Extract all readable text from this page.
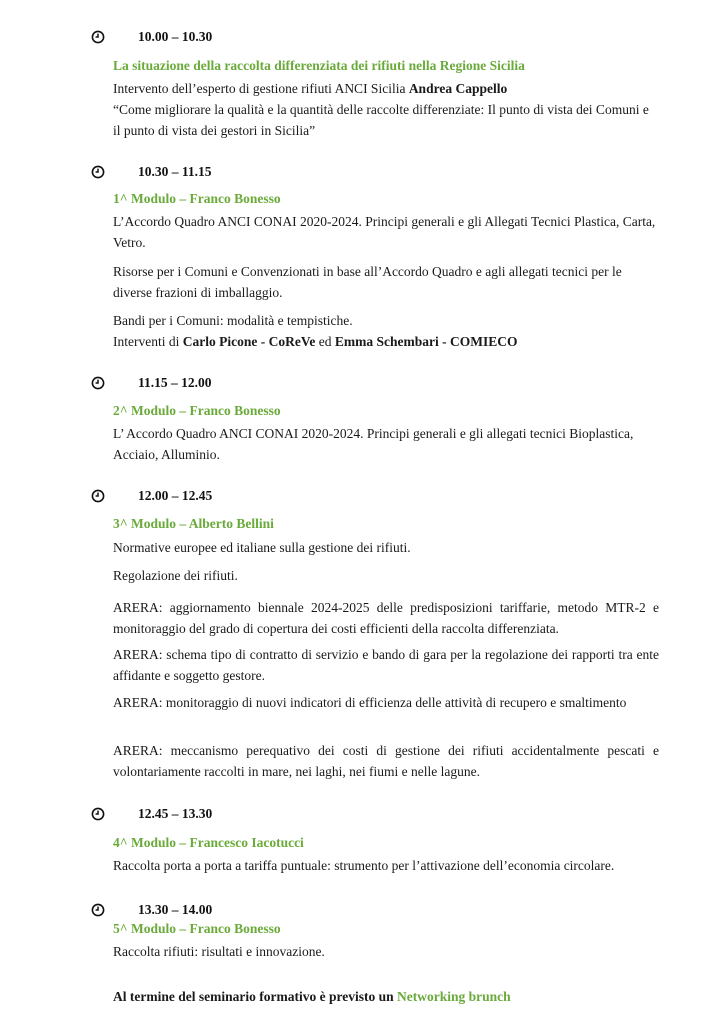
10.00 – 10.30
La situazione della raccolta differenziata dei rifiuti nella Regione Sicilia
Intervento dell’esperto di gestione rifiuti ANCI Sicilia Andrea Cappello
“Come migliorare la qualità e la quantità delle raccolte differenziate: Il punto di vista dei Comuni e il punto di vista dei gestori in Sicilia”
10.30 – 11.15
1^ Modulo – Franco Bonesso
L’Accordo Quadro ANCI CONAI 2020-2024. Principi generali e gli Allegati Tecnici Plastica, Carta, Vetro.
Risorse per i Comuni e Convenzionati in base all’Accordo Quadro e agli allegati tecnici per le diverse frazioni di imballaggio.
Bandi per i Comuni: modalità e tempistiche.
Interventi di Carlo Picone - CoReVe ed Emma Schembari - COMIECO
11.15 – 12.00
2^ Modulo – Franco Bonesso
L’ Accordo Quadro ANCI CONAI 2020-2024. Principi generali e gli allegati tecnici Bioplastica, Acciaio, Alluminio.
12.00 – 12.45
3^ Modulo – Alberto Bellini
Normative europee ed italiane sulla gestione dei rifiuti.
Regolazione dei rifiuti.
ARERA: aggiornamento biennale 2024-2025 delle predisposizioni tariffarie, metodo MTR-2 e monitoraggio del grado di copertura dei costi efficienti della raccolta differenziata.
ARERA: schema tipo di contratto di servizio e bando di gara per la regolazione dei rapporti tra ente affidante e soggetto gestore.
ARERA: monitoraggio di nuovi indicatori di efficienza delle attività di recupero e smaltimento
ARERA: meccanismo perequativo dei costi di gestione dei rifiuti accidentalmente pescati e volontariamente raccolti in mare, nei laghi, nei fiumi e nelle lagune.
12.45 – 13.30
4^ Modulo – Francesco Iacotucci
Raccolta porta a porta a tariffa puntuale: strumento per l’attivazione dell’economia circolare.
13.30 – 14.00
5^ Modulo – Franco Bonesso
Raccolta rifiuti: risultati e innovazione.
Al termine del seminario formativo è previsto un Networking brunch
